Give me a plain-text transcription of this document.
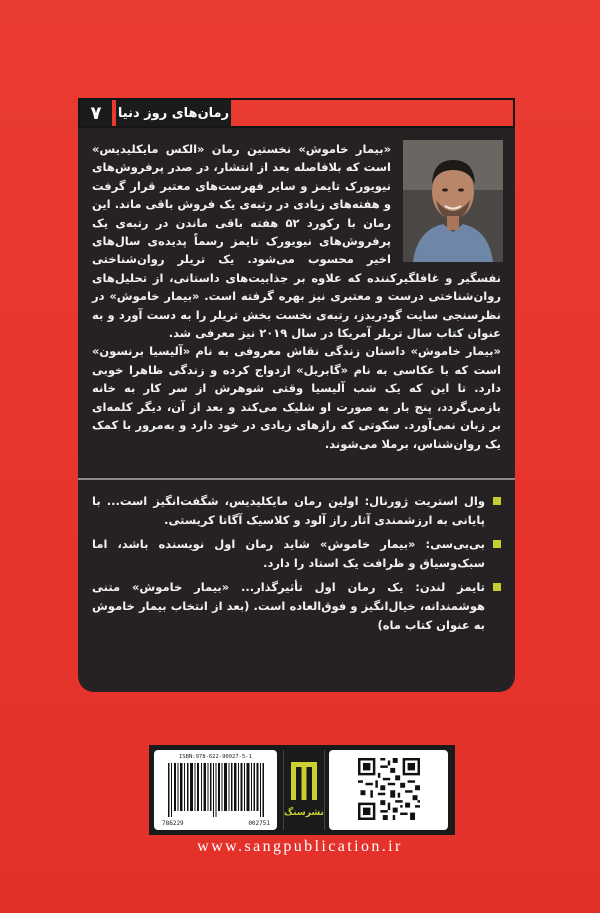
۷	رمان‌های روز دنیا

«بیمار خاموش» نخستین رمان «الکس مایکلیدیس» است که بلافاصله بعد از انتشار، در صدر پرفروش‌های نیویورک تایمز و سایر فهرست‌های معتبر قرار گرفت و هفته‌های زیادی در رتبه‌ی یک فروش باقی ماند. این رمان با رکورد ۵۲ هفته باقی ماندن در رتبه‌ی یک پرفروش‌های نیویورک تایمز رسماً پدیده‌ی سال‌های اخیر محسوب می‌شود. یک تریلر روان‌شناختی نفسگیر و غافلگیرکننده که علاوه بر جذابیت‌های داستانی، از تحلیل‌های روان‌شناختی درست و معتبری نیز بهره گرفته است. «بیمار خاموش» در نظرسنجی سایت گودریدز، رتبه‌ی نخست بخش تریلر را به دست آورد و به عنوان کتاب سال تریلر آمریکا در سال ۲۰۱۹ نیز معرفی شد.

«بیمار خاموش» داستان زندگی نقاش معروفی به نام «آلیسیا برنسون» است که با عکاسی به نام «گابریل» ازدواج کرده و زندگی ظاهرا خوبی دارد. تا این که یک شب آلیسیا وقتی شوهرش از سر کار به خانه بازمی‌گردد، پنج بار به صورت او شلیک می‌کند و بعد از آن، دیگر کلمه‌ای بر زبان نمی‌آورد. سکوتی که رازهای زیادی در خود دارد و به‌مرور با کمک یک روان‌شناس، برملا می‌شوند.

وال استریت ژورنال: اولین رمان مایکلیدیس، شگفت‌انگیز است... با پایانی به ارزشمندی آثار راز آلود و کلاسیک آگاتا کریستی.
بی‌بی‌سی: «بیمار خاموش» شاید رمان اول نویسنده باشد، اما سبک‌وسیاق و ظرافت یک استاد را دارد.
تایمز لندن: یک رمان اول تأثیرگذار... «بیمار خاموش» متنی هوشمندانه، خیال‌انگیز و فوق‌العاده است. (بعد از انتخاب بیمار خاموش به عنوان کتاب ماه)
ISBN:978-622-90027-5-1
786229	002751
نشرسنگ
www.sangpublication.ir
